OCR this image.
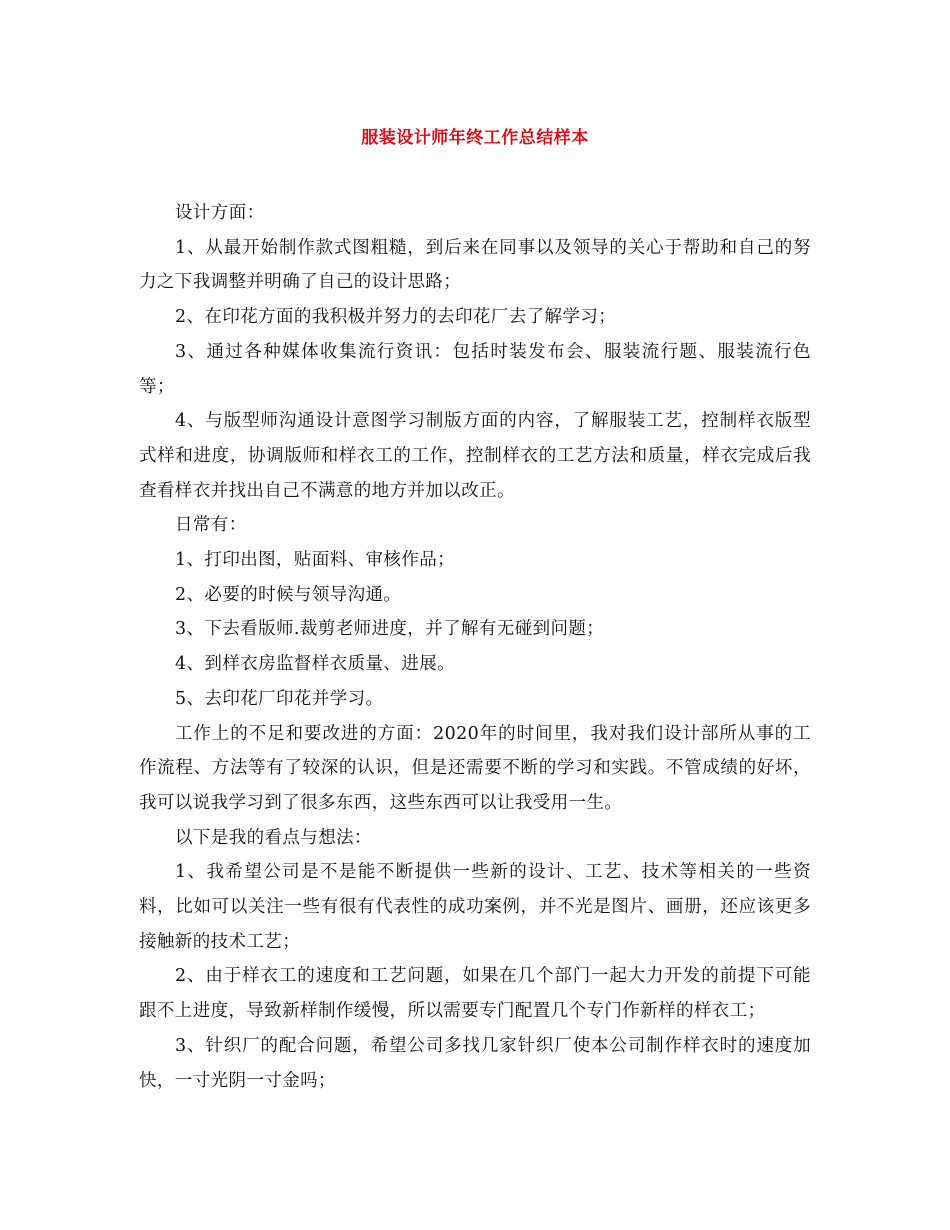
服装设计师年终工作总结样本

设计方面：

1、从最开始制作款式图粗糙，到后来在同事以及领导的关心于帮助和自己的努力之下我调整并明确了自己的设计思路；

2、在印花方面的我积极并努力的去印花厂去了解学习；

3、通过各种媒体收集流行资讯：包括时装发布会、服装流行题、服装流行色等；

4、与版型师沟通设计意图学习制版方面的内容，了解服装工艺，控制样衣版型式样和进度，协调版师和样衣工的工作，控制样衣的工艺方法和质量，样衣完成后我查看样衣并找出自己不满意的地方并加以改正。

日常有：

1、打印出图，贴面料、审核作品；

2、必要的时候与领导沟通。

3、下去看版师.裁剪老师进度，并了解有无碰到问题；

4、到样衣房监督样衣质量、进展。

5、去印花厂印花并学习。

工作上的不足和要改进的方面：2020年的时间里，我对我们设计部所从事的工作流程、方法等有了较深的认识，但是还需要不断的学习和实践。不管成绩的好坏，我可以说我学习到了很多东西，这些东西可以让我受用一生。

以下是我的看点与想法：

1、我希望公司是不是能不断提供一些新的设计、工艺、技术等相关的一些资料，比如可以关注一些有很有代表性的成功案例，并不光是图片、画册，还应该更多接触新的技术工艺；

2、由于样衣工的速度和工艺问题，如果在几个部门一起大力开发的前提下可能跟不上进度，导致新样制作缓慢，所以需要专门配置几个专门作新样的样衣工；

3、针织厂的配合问题，希望公司多找几家针织厂使本公司制作样衣时的速度加快，一寸光阴一寸金吗；
